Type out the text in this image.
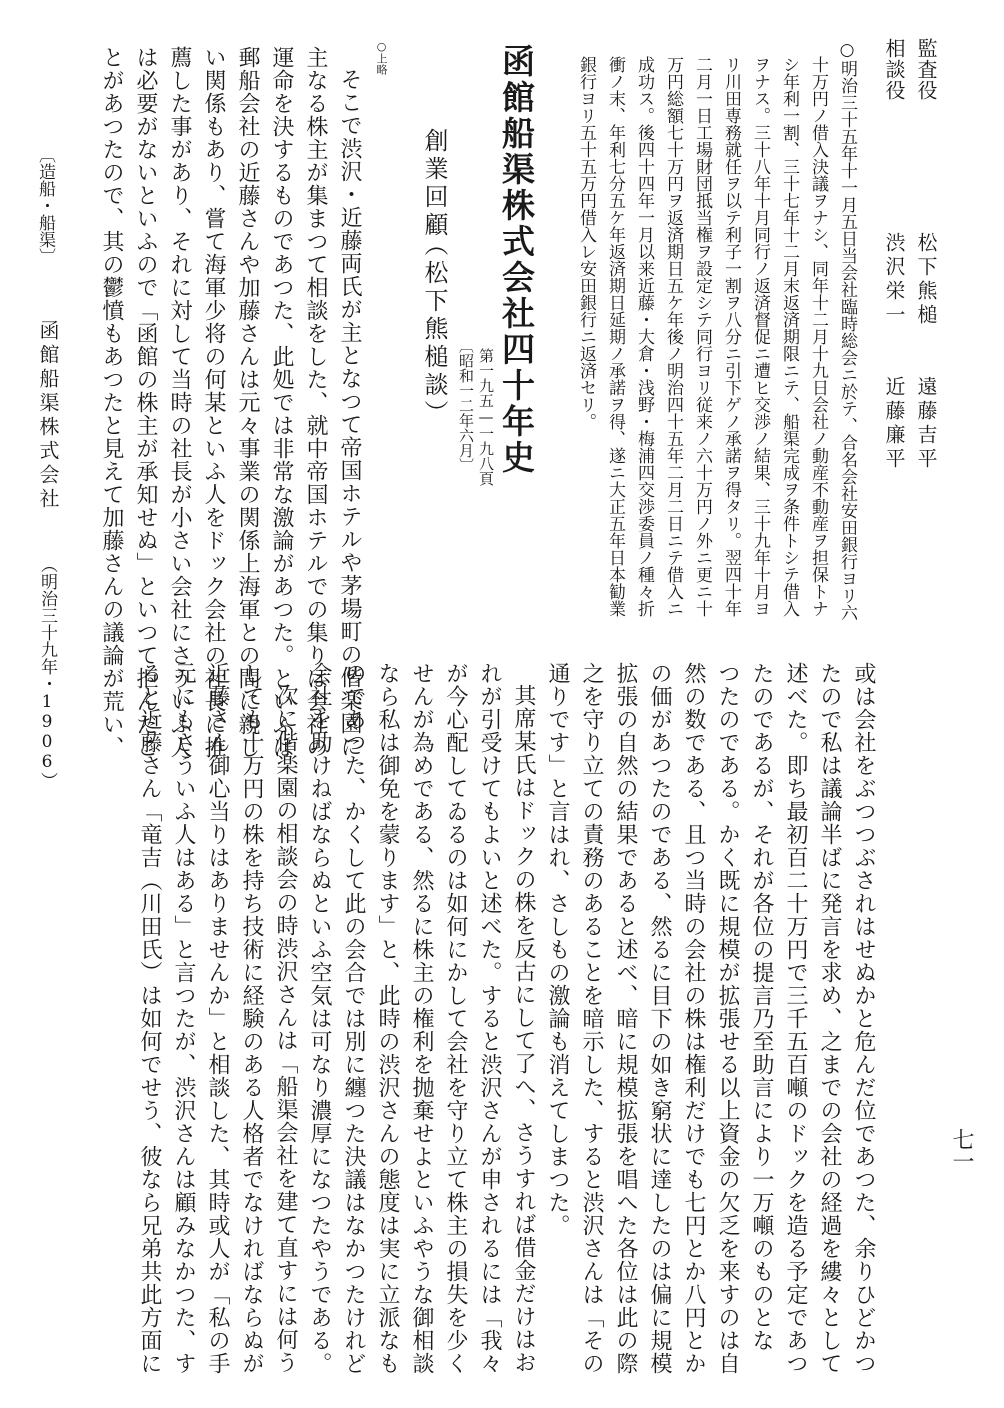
監査役
松下熊槌　　遠藤吉平
相談役
渋沢栄一　　近藤廉平
○明治三十五年十一月五日当会社臨時総会ニ於テ、合名会社安田銀行ヨリ六
十万円ノ借入決議ヲナシ、同年十二月十九日会社ノ動産不動産ヲ担保トナ
シ年利一割、三十七年十二月末返済期限ニテ、船渠完成ヲ条件トシテ借入
ヲナス。三十八年十月同行ノ返済督促ニ遭ヒ交渉ノ結果、三十九年十月ヨ
リ川田専務就任ヲ以テ利子一割ヲ八分ニ引下ゲノ承諾ヲ得タリ。翌四十年
二月一日工場財団抵当権ヲ設定シテ同行ヨリ従来ノ六十万円ノ外ニ更ニ十
万円総額七十万円ヲ返済期日五ケ年後ノ明治四十五年二月二日ニテ借入ニ
成功ス。後四十四年一月以来近藤・大倉・浅野・梅浦四交渉委員ノ種々折
衝ノ末、年利七分五ケ年返済期日延期ノ承諾ヲ得、遂ニ大正五年日本勧業
銀行ヨリ五十五万円借入レ安田銀行ニ返済セリ。
函館船渠株式会社四十年史
第一九五—一九八頁
〔昭和一二年六月〕
創業回顧
（松下熊槌談）
○上略
そこで渋沢・近藤両氏が主となつて帝国ホテルや茅場町の偕楽園に
主なる株主が集まつて相談をした、就中帝国ホテルでの集りは会社の
運命を決するものであつた、此処では非常な激論があつた。といふは
郵船会社の近藤さんや加藤さんは元々事業の関係上海軍との間に親し
い関係もあり、嘗て海軍少将の何某といふ人をドック会社の社長に推
薦した事があり、それに対して当時の社長が小さい会社にさういふ人
は必要がないといふので「函館の株主が承知せぬ」といつて拒んだこ
とがあつたので、其の鬱憤もあつたと見えて加藤さんの議論が荒い、
〔造船・船渠〕
函館船渠株式会社
（明治三十九年・1906）	或は会社をぶつつぶされはせぬかと危んだ位であつた、余りひどかつ
たので私は議論半ばに発言を求め、之までの会社の経過を縷々として
述べた。即ち最初百二十万円で三千五百噸のドックを造る予定であつ
たのであるが、それが各位の提言乃至助言により一万噸のものとな
つたのである。かく既に規模が拡張せる以上資金の欠乏を来すのは自
然の数である、且つ当時の会社の株は権利だけでも七円とか八円とか
の価があつたのである、然るに目下の如き窮状に達したのは偏に規模
拡張の自然の結果であると述べ、暗に規模拡張を唱へた各位は此の際
之を守り立ての責務のあることを暗示した、すると渋沢さんは「その
通りです」と言はれ、さしもの激論も消えてしまつた。
其席某氏はドックの株を反古にして了へ、さうすれば借金だけはお
れが引受けてもよいと述べた。すると渋沢さんが申されるには「我々
が今心配してゐるのは如何にかして会社を守り立て株主の損失を少く
せんが為めである、然るに株主の権利を抛棄せよといふやうな御相談
なら私は御免を蒙ります」と、此時の渋沢さんの態度は実に立派なも
のであつた、かくして此の会合では別に纏つた決議はなかつたけれど
会社を助けねばならぬといふ空気は可なり濃厚になつたやうである。
次に偕楽園の相談会の時渋沢さんは「船渠会社を建て直すには何う
しても十万円の株を持ち技術に経験のある人格者でなければならぬが
近藤さん御心当りはありませんか」と相談した、其時或人が「私の手
元にもさういふ人はある」と言つたが、渋沢さんは顧みなかつた、す
ると近藤さん「竜吉（川田氏）は如何でせう、彼なら兄弟共此方面に	七一
